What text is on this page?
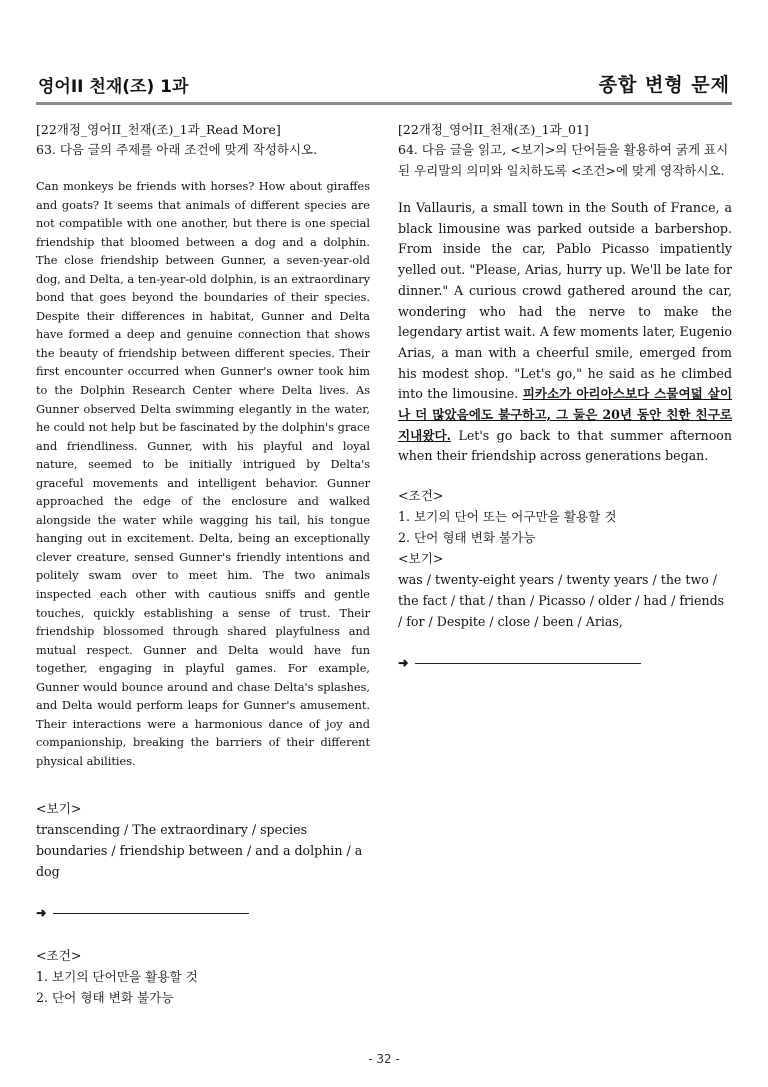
영어II 천재(조) 1과	종합 변형 문제
[22개정_영어II_천재(조)_1과_Read More]
63. 다음 글의 주제를 아래 조건에 맞게 작성하시오.
Can monkeys be friends with horses? How about giraffes and goats? It seems that animals of different species are not compatible with one another, but there is one special friendship that bloomed between a dog and a dolphin. The close friendship between Gunner, a seven-year-old dog, and Delta, a ten-year-old dolphin, is an extraordinary bond that goes beyond the boundaries of their species. Despite their differences in habitat, Gunner and Delta have formed a deep and genuine connection that shows the beauty of friendship between different species. Their first encounter occurred when Gunner's owner took him to the Dolphin Research Center where Delta lives. As Gunner observed Delta swimming elegantly in the water, he could not help but be fascinated by the dolphin's grace and friendliness. Gunner, with his playful and loyal nature, seemed to be initially intrigued by Delta's graceful movements and intelligent behavior. Gunner approached the edge of the enclosure and walked alongside the water while wagging his tail, his tongue hanging out in excitement. Delta, being an exceptionally clever creature, sensed Gunner's friendly intentions and politely swam over to meet him. The two animals inspected each other with cautious sniffs and gentle touches, quickly establishing a sense of trust. Their friendship blossomed through shared playfulness and mutual respect. Gunner and Delta would have fun together, engaging in playful games. For example, Gunner would bounce around and chase Delta's splashes, and Delta would perform leaps for Gunner's amusement. Their interactions were a harmonious dance of joy and companionship, breaking the barriers of their different physical abilities.
<보기>
transcending / The extraordinary / species boundaries / friendship between / and a dolphin / a dog
➜
<조건>
1. 보기의 단어만을 활용할 것
2. 단어 형태 변화 불가능
[22개정_영어II_천재(조)_1과_01]
64. 다음 글을 읽고, <보기>의 단어들을 활용하여 굵게 표시된 우리말의 의미와 일치하도록 <조건>에 맞게 영작하시오.
In Vallauris, a small town in the South of France, a black limousine was parked outside a barbershop. From inside the car, Pablo Picasso impatiently yelled out. "Please, Arias, hurry up. We'll be late for dinner." A curious crowd gathered around the car, wondering who had the nerve to make the legendary artist wait. A few moments later, Eugenio Arias, a man with a cheerful smile, emerged from his modest shop. "Let's go," he said as he climbed into the limousine. 피카소가 아리아스보다 스물여덟 살이나 더 많았음에도 불구하고, 그 둘은 20년 동안 친한 친구로 지내왔다. Let's go back to that summer afternoon when their friendship across generations began.
<조건>
1. 보기의 단어 또는 어구만을 활용할 것
2. 단어 형태 변화 불가능
<보기>
was / twenty-eight years / twenty years / the two / the fact / that / than / Picasso / older / had / friends / for / Despite / close / been / Arias,
➜
- 32 -
